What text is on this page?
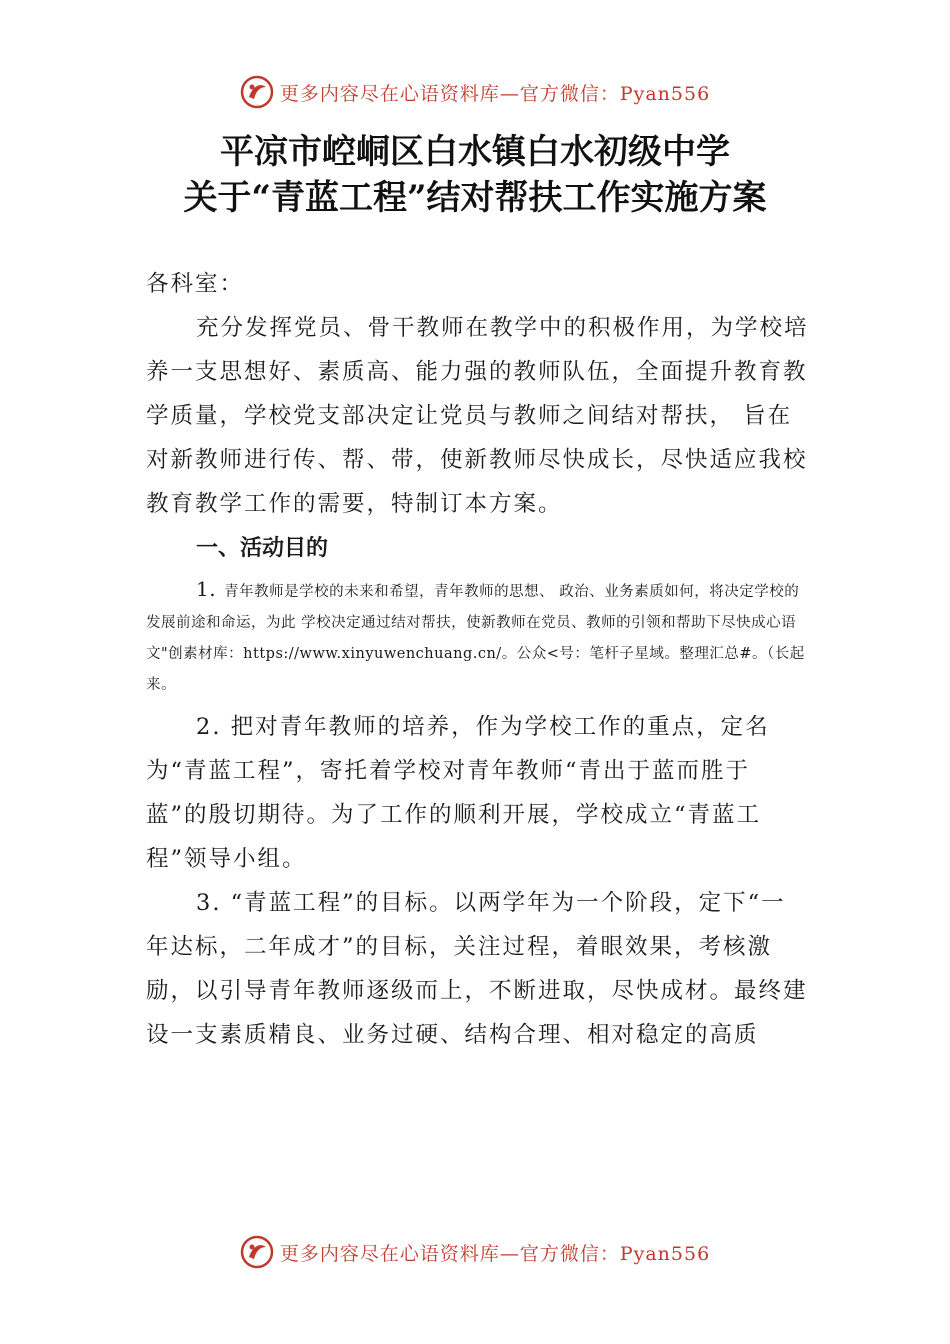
更多内容尽在心语资料库—官方微信：Pyan556
平凉市崆峒区白水镇白水初级中学
关于“青蓝工程”结对帮扶工作实施方案

各科室：

充分发挥党员、骨干教师在教学中的积极作用，为学校培养一支思想好、素质高、能力强的教师队伍，全面提升教育教学质量，学校党支部决定让党员与教师之间结对帮扶， 旨在对新教师进行传、帮、带，使新教师尽快成长，尽快适应我校教育教学工作的需要，特制订本方案。

一、活动目的

1. 青年教师是学校的未来和希望，青年教师的思想、 政治、业务素质如何，将决定学校的发展前途和命运，为此 学校决定通过结对帮扶，使新教师在党员、教师的引领和帮助下尽快成心语文"创素材库：https://www.xinyuwenchuang.cn/。公众<号：笔杆子星域。整理汇总#。（长起来。

2. 把对青年教师的培养，作为学校工作的重点，定名为“青蓝工程”，寄托着学校对青年教师“青出于蓝而胜于蓝”的殷切期待。为了工作的顺利开展，学校成立“青蓝工程”领导小组。

3. “青蓝工程”的目标。以两学年为一个阶段，定下“一年达标，二年成才”的目标，关注过程，着眼效果，考核激励，以引导青年教师逐级而上，不断进取，尽快成材。最终建设一支素质精良、业务过硬、结构合理、相对稳定的高质

更多内容尽在心语资料库—官方微信：Pyan556
